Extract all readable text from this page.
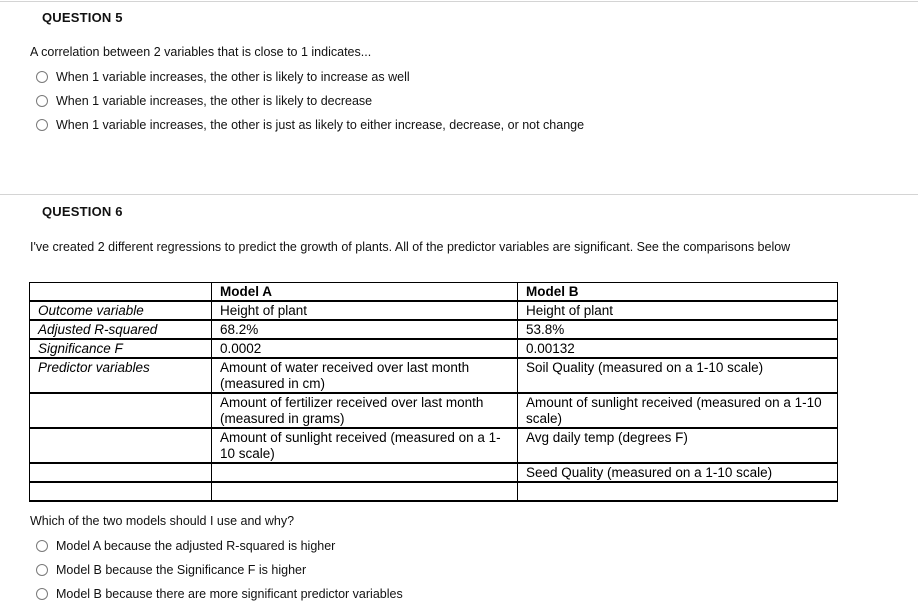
QUESTION 5
A correlation between 2 variables that is close to 1 indicates...
When 1 variable increases, the other is likely to increase as well
When 1 variable increases, the other is likely to decrease
When 1 variable increases, the other is just as likely to either increase, decrease, or not change
QUESTION 6
I've created 2 different regressions to predict the growth of plants. All of the predictor variables are significant. See the comparisons below
	Model A	Model B
Outcome variable	Height of plant	Height of plant
Adjusted R-squared	68.2%	53.8%
Significance F	0.0002	0.00132
Predictor variables	Amount of water received over last month (measured in cm)	Soil Quality (measured on a 1-10 scale)
	Amount of fertilizer received over last month (measured in grams)	Amount of sunlight received (measured on a 1-10 scale)
	Amount of sunlight received (measured on a 1-10 scale)	Avg daily temp (degrees F)
		Seed Quality (measured on a 1-10 scale)

Which of the two models should I use and why?
Model A because the adjusted R-squared is higher
Model B because the Significance F is higher
Model B because there are more significant predictor variables
